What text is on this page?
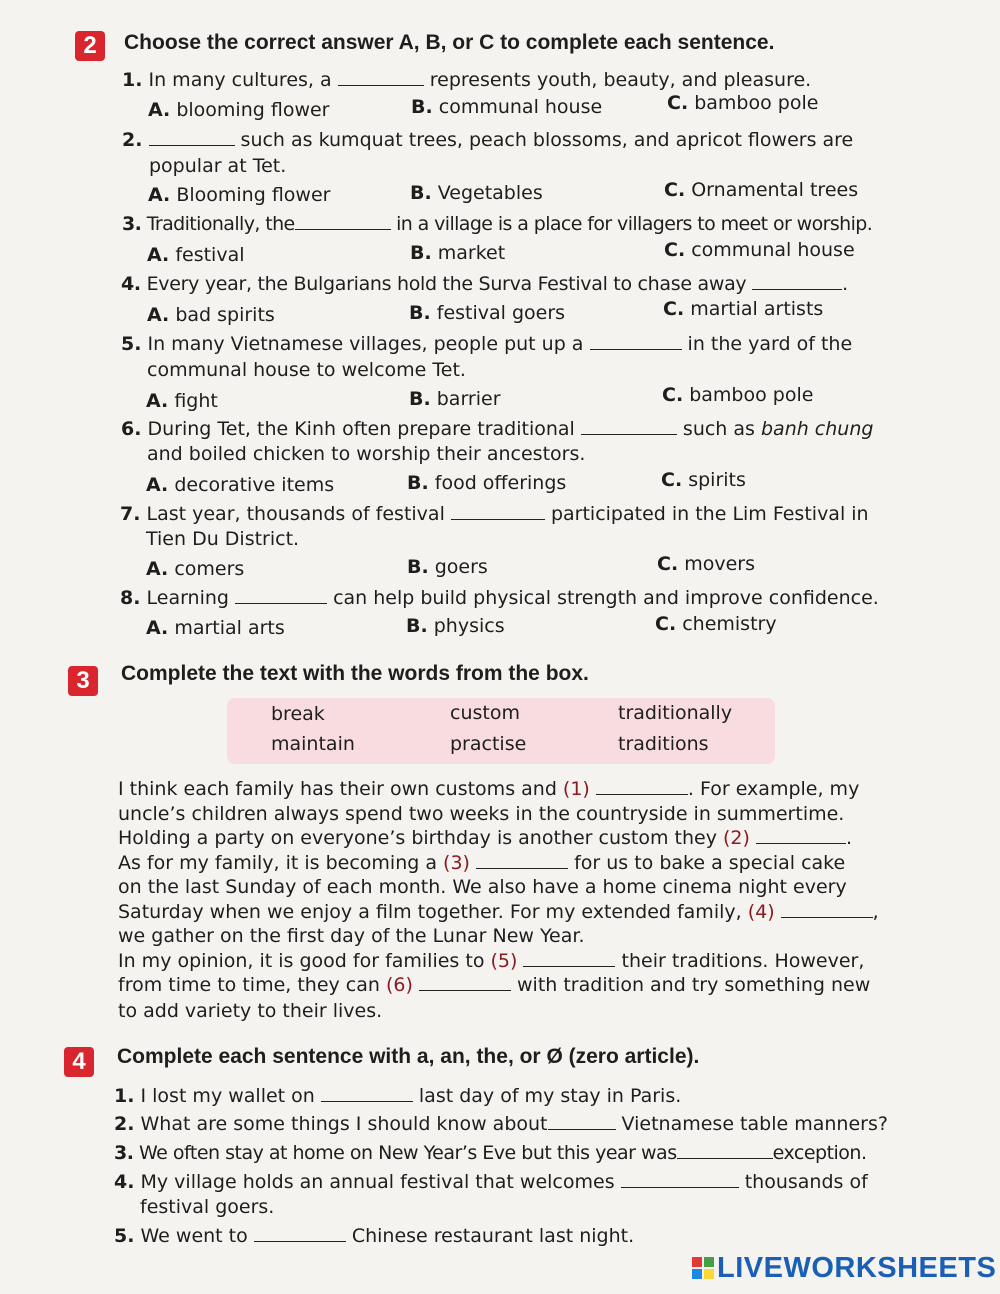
2	Choose the correct answer A, B, or C to complete each sentence.
1. In many cultures, a	represents youth, beauty, and pleasure.
A. blooming flower	B. communal house	C. bamboo pole
2.	such as kumquat trees, peach blossoms, and apricot flowers are
popular at Tet.
A. Blooming flower	B. Vegetables	C. Ornamental trees
3. Traditionally, the	in a village is a place for villagers to meet or worship.
A. festival	B. market	C. communal house
4. Every year, the Bulgarians hold the Surva Festival to chase away	.
A. bad spirits	B. festival goers	C. martial artists
5. In many Vietnamese villages, people put up a	in the yard of the
communal house to welcome Tet.
A. fight	B. barrier	C. bamboo pole
6. During Tet, the Kinh often prepare traditional	such as banh chung
and boiled chicken to worship their ancestors.
A. decorative items	B. food offerings	C. spirits
7. Last year, thousands of festival	participated in the Lim Festival in
Tien Du District.
A. comers	B. goers	C. movers
8. Learning	can help build physical strength and improve confidence.
A. martial arts	B. physics	C. chemistry
3	Complete the text with the words from the box.
break	custom	traditionally
maintain	practise	traditions
I think each family has their own customs and (1)	. For example, my
uncle’s children always spend two weeks in the countryside in summertime.
Holding a party on everyone’s birthday is another custom they (2)	.
As for my family, it is becoming a (3)	for us to bake a special cake
on the last Sunday of each month. We also have a home cinema night every
Saturday when we enjoy a film together. For my extended family, (4)	,
we gather on the first day of the Lunar New Year.
In my opinion, it is good for families to (5)	their traditions. However,
from time to time, they can (6)	with tradition and try something new
to add variety to their lives.
4	Complete each sentence with a, an, the, or Ø (zero article).
1. I lost my wallet on	last day of my stay in Paris.
2. What are some things I should know about	Vietnamese table manners?
3. We often stay at home on New Year’s Eve but this year was	exception.
4. My village holds an annual festival that welcomes	thousands of
festival goers.
5. We went to	Chinese restaurant last night.
LIVEWORKSHEETS
